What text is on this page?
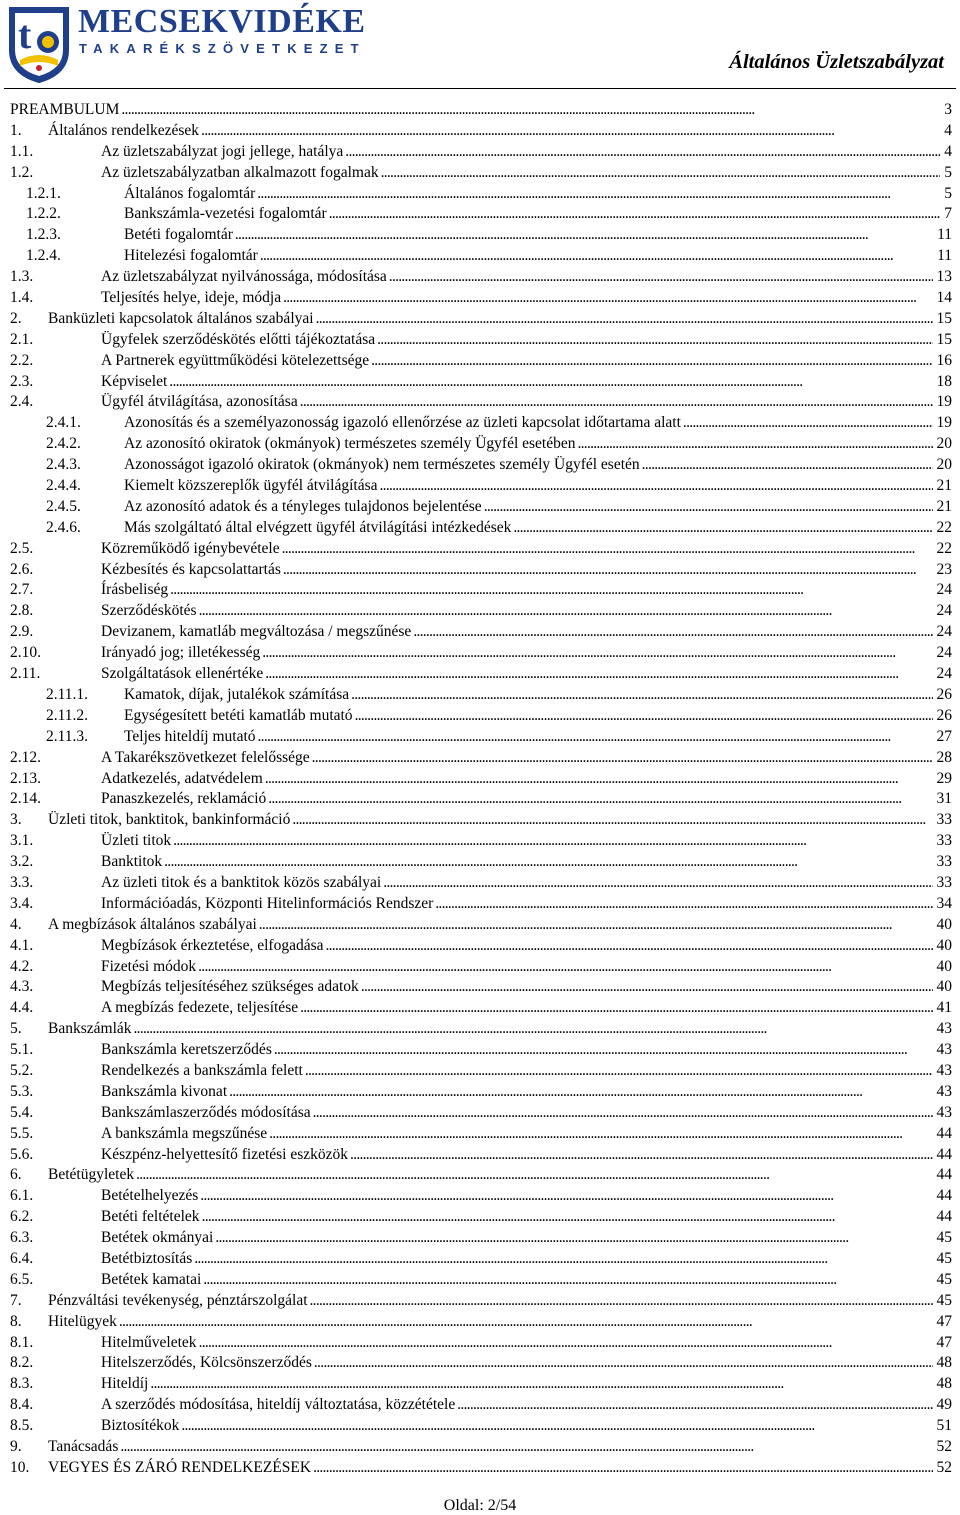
t MECSEKVIDÉKE
TAKARÉKSZÖVETKEZET
Általános Üzletszabályzat
PREAMBULUM . . .	3
1. Általános rendelkezések . . .	4
1.1.	Az üzletszabályzat jogi jellege, hatálya . . .	4
1.2.	Az üzletszabályzatban alkalmazott fogalmak . . .	5
1.2.1.	Általános fogalomtár . . .	5
1.2.2.	Bankszámla-vezetési fogalomtár . . .	7
1.2.3.	Betéti fogalomtár . . .	11
1.2.4.	Hitelezési fogalomtár . . .	11
1.3.	Az üzletszabályzat nyilvánossága, módosítása . . .	13
1.4.	Teljesítés helye, ideje, módja . . .	14
2. Banküzleti kapcsolatok általános szabályai . . .	15
2.1.	Ügyfelek szerződéskötés előtti tájékoztatása . . .	15
2.2.	A Partnerek együttműködési kötelezettsége . . .	16
2.3.	Képviselet . . .	18
2.4.	Ügyfél átvilágítása, azonosítása . . .	19
2.4.1.	Azonosítás és a személyazonosság igazoló ellenőrzése az üzleti kapcsolat időtartama alatt . . .	19
2.4.2.	Az azonosító okiratok (okmányok) természetes személy Ügyfél esetében . . .	20
2.4.3.	Azonosságot igazoló okiratok (okmányok) nem természetes személy Ügyfél esetén . . .	20
2.4.4.	Kiemelt közszereplők ügyfél átvilágítása . . .	21
2.4.5.	Az azonosító adatok és a tényleges tulajdonos bejelentése . . .	21
2.4.6.	Más szolgáltató által elvégzett ügyfél átvilágítási intézkedések . . .	22
2.5.	Közreműködő igénybevétele . . .	22
2.6.	Kézbesítés és kapcsolattartás . . .	23
2.7.	Írásbeliség . . .	24
2.8.	Szerződéskötés . . .	24
2.9.	Devizanem, kamatláb megváltozása / megszűnése . . .	24
2.10.	Irányadó jog; illetékesség . . .	24
2.11.	Szolgáltatások ellenértéke . . .	24
2.11.1. Kamatok, díjak, jutalékok számítása . . .	26
2.11.2. Egységesített betéti kamatláb mutató . . .	26
2.11.3. Teljes hiteldíj mutató . . .	27
2.12.	A Takarékszövetkezet felelőssége . . .	28
2.13.	Adatkezelés, adatvédelem . . .	29
2.14.	Panaszkezelés, reklamáció . . .	31
3. Üzleti titok, banktitok, bankinformáció . . .	33
3.1.	Üzleti titok . . .	33
3.2.	Banktitok . . .	33
3.3.	Az üzleti titok és a banktitok közös szabályai . . .	33
3.4.	Információadás, Központi Hitelinformációs Rendszer . . .	34
4. A megbízások általános szabályai . . .	40
4.1.	Megbízások érkeztetése, elfogadása . . .	40
4.2.	Fizetési módok . . .	40
4.3.	Megbízás teljesítéséhez szükséges adatok . . .	40
4.4.	A megbízás fedezete, teljesítése . . .	41
5. Bankszámlák . . .	43
5.1.	Bankszámla keretszerződés . . .	43
5.2.	Rendelkezés a bankszámla felett . . .	43
5.3.	Bankszámla kivonat . . .	43
5.4.	Bankszámlaszerződés módosítása . . .	43
5.5.	A bankszámla megszűnése . . .	44
5.6.	Készpénz-helyettesítő fizetési eszközök . . .	44
6. Betétügyletek . . .	44
6.1.	Betételhelyezés . . .	44
6.2.	Betéti feltételek . . .	44
6.3.	Betétek okmányai . . .	45
6.4.	Betétbiztosítás . . .	45
6.5.	Betétek kamatai . . .	45
7. Pénzváltási tevékenység, pénztárszolgálat . . .	45
8. Hitelügyek . . .	47
8.1.	Hitelműveletek . . .	47
8.2.	Hitelszerződés, Kölcsönszerződés . . .	48
8.3.	Hiteldíj . . .	48
8.4.	A szerződés módosítása, hiteldíj változtatása, közzététele . . .	49
8.5.	Biztosítékok . . .	51
9. Tanácsadás . . .	52
10. VEGYES ÉS ZÁRÓ RENDELKEZÉSEK . . .	52
Oldal: 2/54
